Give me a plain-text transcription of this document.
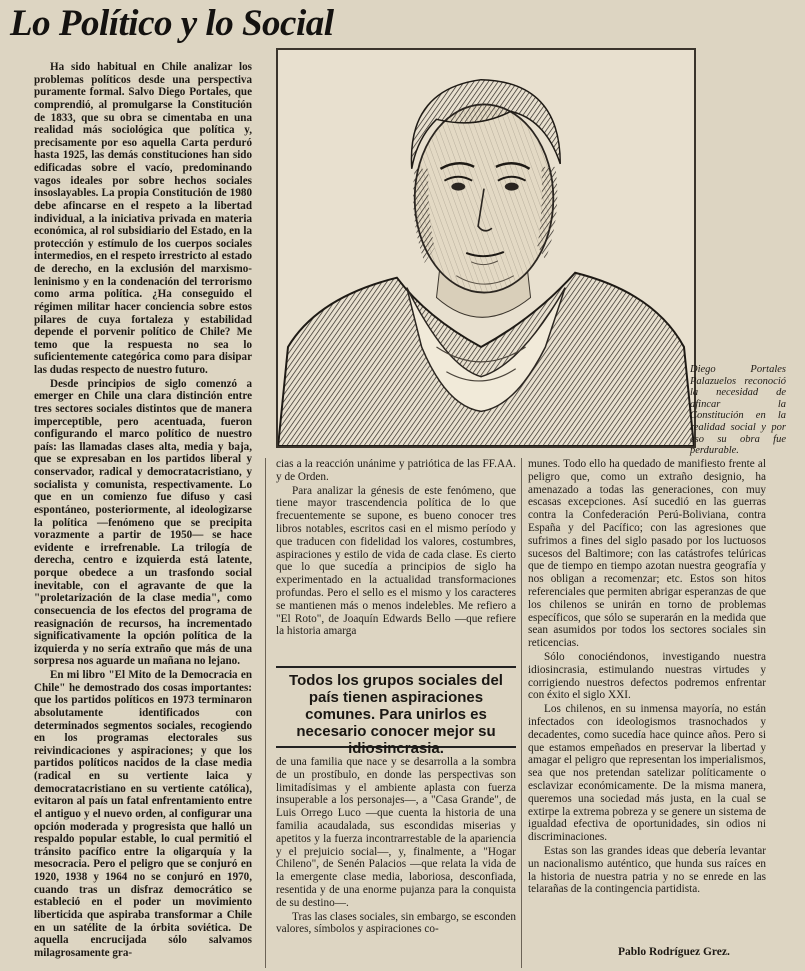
Lo Político y lo Social

Ha sido habitual en Chile analizar los problemas políticos desde una perspectiva puramente formal. Salvo Diego Portales, que comprendió, al promulgarse la Constitución de 1833, que su obra se cimentaba en una realidad más sociológica que política y, precisamente por eso aquella Carta perduró hasta 1925, las demás constituciones han sido edificadas sobre el vacío, predominando vagos ideales por sobre hechos sociales insoslayables. La propia Constitución de 1980 debe afincarse en el respeto a la libertad individual, a la iniciativa privada en materia económica, al rol subsidiario del Estado, en la protección y estímulo de los cuerpos sociales intermedios, en el respeto irrestricto al estado de derecho, en la exclusión del marxismo-leninismo y en la condenación del terrorismo como arma política. ¿Ha conseguido el régimen militar hacer conciencia sobre estos pilares de cuya fortaleza y estabilidad depende el porvenir político de Chile? Me temo que la respuesta no sea lo suficientemente categórica como para disipar las dudas respecto de nuestro futuro.

Desde principios de siglo comenzó a emerger en Chile una clara distinción entre tres sectores sociales distintos que de manera imperceptible, pero acentuada, fueron configurando el marco político de nuestro país: las llamadas clases alta, media y baja, que se expresaban en los partidos liberal y conservador, radical y democratacristiano, y socialista y comunista, respectivamente. Lo que en un comienzo fue difuso y casi espontáneo, posteriormente, al ideologizarse la política —fenómeno que se precipita vorazmente a partir de 1950— se hace evidente e irrefrenable. La trilogía de derecha, centro e izquierda está latente, porque obedece a un trasfondo social inevitable, con el agravante de que la "proletarización de la clase media", como consecuencia de los efectos del programa de reasignación de recursos, ha incrementado significativamente la opción política de la izquierda y no sería extraño que más de una sorpresa nos aguarde un mañana no lejano.

En mi libro "El Mito de la Democracia en Chile" he demostrado dos cosas importantes: que los partidos políticos en 1973 terminaron absolutamente identificados con determinados segmentos sociales, recogiendo en los programas electorales sus reivindicaciones y aspiraciones; y que los partidos políticos nacidos de la clase media (radical en su vertiente laica y democratacristiano en su vertiente católica), evitaron al país un fatal enfrentamiento entre el antiguo y el nuevo orden, al configurar una opción moderada y progresista que halló un respaldo popular estable, lo cual permitió el tránsito pacífico entre la oligarquía y la mesocracia. Pero el peligro que se conjuró en 1920, 1938 y 1964 no se conjuró en 1970, cuando tras un disfraz democrático se estableció en el poder un movimiento liberticida que aspiraba transformar a Chile en un satélite de la órbita soviética. De aquella encrucijada sólo salvamos milagrosamente gra-

Diego Portales Palazuelos reconoció la necesidad de afincar la Constitución en la realidad social y por eso su obra fue perdurable.

cias a la reacción unánime y patriótica de las FF.AA. y de Orden.

Para analizar la génesis de este fenómeno, que tiene mayor trascendencia política de lo que frecuentemente se supone, es bueno conocer tres libros notables, escritos casi en el mismo período y que traducen con fidelidad los valores, costumbres, aspiraciones y estilo de vida de cada clase. Es cierto que lo que sucedía a principios de siglo ha experimentado en la actualidad transformaciones profundas. Pero el sello es el mismo y los caracteres se mantienen más o menos indelebles. Me refiero a "El Roto", de Joaquín Edwards Bello —que refiere la historia amarga

Todos los grupos sociales del país tienen aspiraciones comunes. Para unirlos es necesario conocer mejor su idiosincrasia.

de una familia que nace y se desarrolla a la sombra de un prostíbulo, en donde las perspectivas son limitadísimas y el ambiente aplasta con fuerza insuperable a los personajes—, a "Casa Grande", de Luis Orrego Luco —que cuenta la historia de una familia acaudalada, sus escondidas miserias y apetitos y la fuerza incontrarrestable de la apariencia y el prejuicio social—, y, finalmente, a "Hogar Chileno", de Senén Palacios —que relata la vida de la emergente clase media, laboriosa, desconfiada, resentida y de una enorme pujanza para la conquista de su destino—.

Tras las clases sociales, sin embargo, se esconden valores, símbolos y aspiraciones co-

munes. Todo ello ha quedado de manifiesto frente al peligro que, como un extraño designio, ha amenazado a todas las generaciones, con muy escasas excepciones. Así sucedió en las guerras contra la Confederación Perú-Boliviana, contra España y del Pacífico; con las agresiones que sufrimos a fines del siglo pasado por los luctuosos sucesos del Baltimore; con las catástrofes telúricas que de tiempo en tiempo azotan nuestra geografía y nos obligan a recomenzar; etc. Estos son hitos referenciales que permiten abrigar esperanzas de que los chilenos se unirán en torno de problemas específicos, que sólo se superarán en la medida que sean asumidos por todos los sectores sociales sin reticencias.

Sólo conociéndonos, investigando nuestra idiosincrasia, estimulando nuestras virtudes y corrigiendo nuestros defectos podremos enfrentar con éxito el siglo XXI.

Los chilenos, en su inmensa mayoría, no están infectados con ideologismos trasnochados y decadentes, como sucedía hace quince años. Pero si que estamos empeñados en preservar la libertad y amagar el peligro que representan los imperialismos, sea que nos pretendan satelizar políticamente o esclavizar económicamente. De la misma manera, queremos una sociedad más justa, en la cual se extirpe la extrema pobreza y se genere un sistema de igualdad efectiva de oportunidades, sin odios ni discriminaciones.

Estas son las grandes ideas que debería levantar un nacionalismo auténtico, que hunda sus raíces en la historia de nuestra patria y no se enrede en las telarañas de la contingencia partidista.

Pablo Rodríguez Grez.
